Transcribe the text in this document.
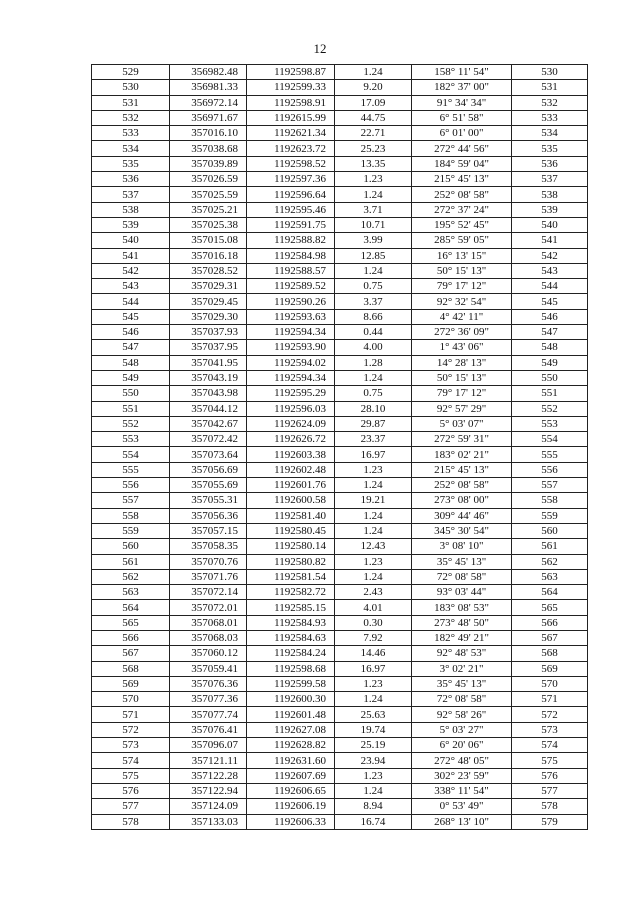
12
529	356982.48	1192598.87	1.24	158° 11' 54"	530
530	356981.33	1192599.33	9.20	182° 37' 00"	531
531	356972.14	1192598.91	17.09	91° 34' 34"	532
532	356971.67	1192615.99	44.75	6° 51' 58"	533
533	357016.10	1192621.34	22.71	6° 01' 00"	534
534	357038.68	1192623.72	25.23	272° 44' 56"	535
535	357039.89	1192598.52	13.35	184° 59' 04"	536
536	357026.59	1192597.36	1.23	215° 45' 13"	537
537	357025.59	1192596.64	1.24	252° 08' 58"	538
538	357025.21	1192595.46	3.71	272° 37' 24"	539
539	357025.38	1192591.75	10.71	195° 52' 45"	540
540	357015.08	1192588.82	3.99	285° 59' 05"	541
541	357016.18	1192584.98	12.85	16° 13' 15"	542
542	357028.52	1192588.57	1.24	50° 15' 13"	543
543	357029.31	1192589.52	0.75	79° 17' 12"	544
544	357029.45	1192590.26	3.37	92° 32' 54"	545
545	357029.30	1192593.63	8.66	4° 42' 11"	546
546	357037.93	1192594.34	0.44	272° 36' 09"	547
547	357037.95	1192593.90	4.00	1° 43' 06"	548
548	357041.95	1192594.02	1.28	14° 28' 13"	549
549	357043.19	1192594.34	1.24	50° 15' 13"	550
550	357043.98	1192595.29	0.75	79° 17' 12"	551
551	357044.12	1192596.03	28.10	92° 57' 29"	552
552	357042.67	1192624.09	29.87	5° 03' 07"	553
553	357072.42	1192626.72	23.37	272° 59' 31"	554
554	357073.64	1192603.38	16.97	183° 02' 21"	555
555	357056.69	1192602.48	1.23	215° 45' 13"	556
556	357055.69	1192601.76	1.24	252° 08' 58"	557
557	357055.31	1192600.58	19.21	273° 08' 00"	558
558	357056.36	1192581.40	1.24	309° 44' 46"	559
559	357057.15	1192580.45	1.24	345° 30' 54"	560
560	357058.35	1192580.14	12.43	3° 08' 10"	561
561	357070.76	1192580.82	1.23	35° 45' 13"	562
562	357071.76	1192581.54	1.24	72° 08' 58"	563
563	357072.14	1192582.72	2.43	93° 03' 44"	564
564	357072.01	1192585.15	4.01	183° 08' 53"	565
565	357068.01	1192584.93	0.30	273° 48' 50"	566
566	357068.03	1192584.63	7.92	182° 49' 21"	567
567	357060.12	1192584.24	14.46	92° 48' 53"	568
568	357059.41	1192598.68	16.97	3° 02' 21"	569
569	357076.36	1192599.58	1.23	35° 45' 13"	570
570	357077.36	1192600.30	1.24	72° 08' 58"	571
571	357077.74	1192601.48	25.63	92° 58' 26"	572
572	357076.41	1192627.08	19.74	5° 03' 27"	573
573	357096.07	1192628.82	25.19	6° 20' 06"	574
574	357121.11	1192631.60	23.94	272° 48' 05"	575
575	357122.28	1192607.69	1.23	302° 23' 59"	576
576	357122.94	1192606.65	1.24	338° 11' 54"	577
577	357124.09	1192606.19	8.94	0° 53' 49"	578
578	357133.03	1192606.33	16.74	268° 13' 10"	579
